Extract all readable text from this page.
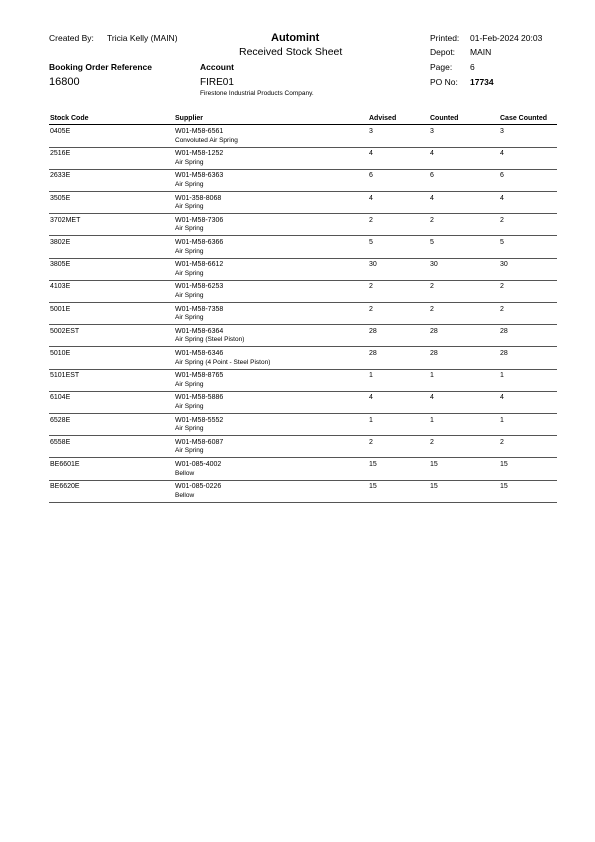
Created By: Tricia Kelly (MAIN)	Automint
Received Stock Sheet
Printed: 01-Feb-2024 20:03
Depot: MAIN
Page: 6
PO No: 17734
Booking Order Reference
16800
Account
FIRE01
Firestone Industrial Products Company.
Stock Code	Supplier	Advised	Counted	Case Counted
0405E	W01-M58-6561	3	3	3
Convoluted Air Spring
2516E	W01-M58-1252	4	4	4
Air Spring
2633E	W01-M58-6363	6	6	6
Air Spring
3505E	W01-358-8068	4	4	4
Air Spring
3702MET	W01-M58-7306	2	2	2
Air Spring
3802E	W01-M58-6366	5	5	5
Air Spring
3805E	W01-M58-6612	30	30	30
Air Spring
4103E	W01-M58-6253	2	2	2
Air Spring
5001E	W01-M58-7358	2	2	2
Air Spring
5002EST	W01-M58-6364	28	28	28
Air Spring (Steel Piston)
5010E	W01-M58-6346	28	28	28
Air Spring (4 Point - Steel Piston)
5101EST	W01-M58-8765	1	1	1
Air Spring
6104E	W01-M58-5886	4	4	4
Air Spring
6528E	W01-M58-5552	1	1	1
Air Spring
6558E	W01-M58-6087	2	2	2
Air Spring
BE6601E	W01-085-4002	15	15	15
Bellow
BE6620E	W01-085-0226	15	15	15
Bellow
